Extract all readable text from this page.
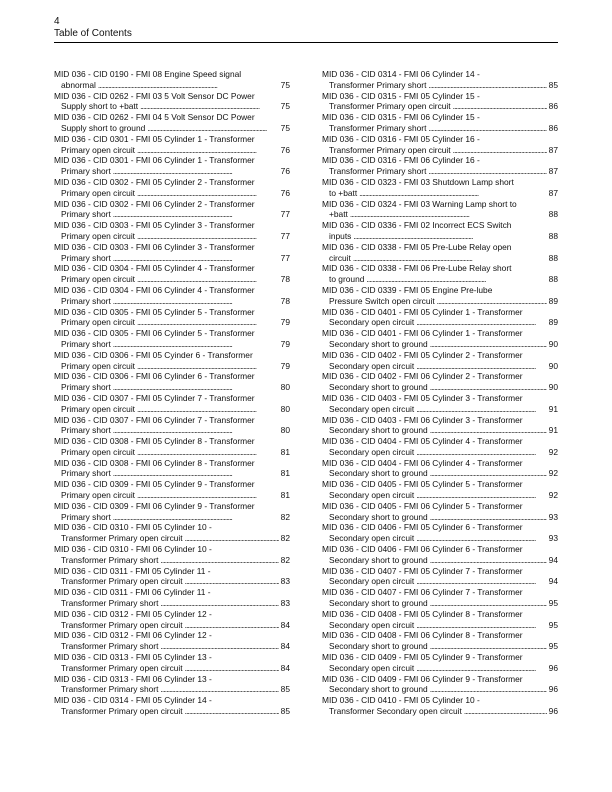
4
Table of Contents
MID 036 - CID 0190 - FMI 08 Engine Speed signal
abnormal . . .	75
MID 036 - CID 0262 - FMI 03 5 Volt Sensor DC Power
Supply short to +batt . . .	75
MID 036 - CID 0262 - FMI 04 5 Volt Sensor DC Power
Supply short to ground . . .	75
MID 036 - CID 0301 - FMI 05 Cylinder 1 - Transformer
Primary open circuit . . .	76
MID 036 - CID 0301 - FMI 06 Cylinder 1 - Transformer
Primary short . . .	76
MID 036 - CID 0302 - FMI 05 Cylinder 2 - Transformer
Primary open circuit . . .	76
MID 036 - CID 0302 - FMI 06 Cylinder 2 - Transformer
Primary short . . .	77
MID 036 - CID 0303 - FMI 05 Cylinder 3 - Transformer
Primary open circuit . . .	77
MID 036 - CID 0303 - FMI 06 Cylinder 3 - Transformer
Primary short . . .	77
MID 036 - CID 0304 - FMI 05 Cylinder 4 - Transformer
Primary open circuit . . .	78
MID 036 - CID 0304 - FMI 06 Cylinder 4 - Transformer
Primary short . . .	78
MID 036 - CID 0305 - FMI 05 Cylinder 5 - Transformer
Primary open circuit . . .	79
MID 036 - CID 0305 - FMI 06 Cylinder 5 - Transformer
Primary short . . .	79
MID 036 - CID 0306 - FMI 05 Cyinder 6 - Transformer
Primary open circuit . . .	79
MID 036 - CID 0306 - FMI 06 Cylinder 6 - Transformer
Primary short . . .	80
MID 036 - CID 0307 - FMI 05 Cylinder 7 - Transformer
Primary open circuit . . .	80
MID 036 - CID 0307 - FMI 06 Cylinder 7 - Transformer
Primary short . . .	80
MID 036 - CID 0308 - FMI 05 Cylinder 8 - Transformer
Primary open circuit . . .	81
MID 036 - CID 0308 - FMI 06 Cylinder 8 - Transformer
Primary short . . .	81
MID 036 - CID 0309 - FMI 05 Cylinder 9 - Transformer
Primary open circuit . . .	81
MID 036 - CID 0309 - FMI 06 Cylinder 9 - Transformer
Primary short . . .	82
MID 036 - CID 0310 - FMI 05 Cylinder 10 -
Transformer Primary open circuit . . .	82
MID 036 - CID 0310 - FMI 06 Cylinder 10 -
Transformer Primary short . . .	82
MID 036 - CID 0311 - FMI 05 Cylinder 11 -
Transformer Primary open circuit . . .	83
MID 036 - CID 0311 - FMI 06 Cylinder 11 -
Transformer Primary short . . .	83
MID 036 - CID 0312 - FMI 05 Cylinder 12 -
Transformer Primary open circuit . . .	84
MID 036 - CID 0312 - FMI 06 Cylinder 12 -
Transformer Primary short . . .	84
MID 036 - CID 0313 - FMI 05 Cylinder 13 -
Transformer Primary open circuit . . .	84
MID 036 - CID 0313 - FMI 06 Cylinder 13 -
Transformer Primary short . . .	85
MID 036 - CID 0314 - FMI 05 Cylinder 14 -
Transformer Primary open circuit . . .	85
MID 036 - CID 0314 - FMI 06 Cylinder 14 -
Transformer Primary short . . .	85
MID 036 - CID 0315 - FMI 05 Cylinder 15 -
Transformer Primary open circuit . . .	86
MID 036 - CID 0315 - FMI 06 Cylinder 15 -
Transformer Primary short . . .	86
MID 036 - CID 0316 - FMI 05 Cylinder 16 -
Transformer Primary open circuit . . .	87
MID 036 - CID 0316 - FMI 06 Cylinder 16 -
Transformer Primary short . . .	87
MID 036 - CID 0323 - FMI 03 Shutdown Lamp short
to +batt . . .	87
MID 036 - CID 0324 - FMI 03 Warning Lamp short to
+batt . . .	88
MID 036 - CID 0336 - FMI 02 Incorrect ECS Switch
inputs . . .	88
MID 036 - CID 0338 - FMI 05 Pre-Lube Relay open
circuit . . .	88
MID 036 - CID 0338 - FMI 06 Pre-Lube Relay short
to ground . . .	88
MID 036 - CID 0339 - FMI 05 Engine Pre-lube
Pressure Switch open circuit . . .	89
MID 036 - CID 0401 - FMI 05 Cylinder 1 - Transformer
Secondary open circuit . . .	89
MID 036 - CID 0401 - FMI 06 Cylinder 1 - Transformer
Secondary short to ground . . .	90
MID 036 - CID 0402 - FMI 05 Cylinder 2 - Transformer
Secondary open circuit . . .	90
MID 036 - CID 0402 - FMI 06 Cylinder 2 - Transformer
Secondary short to ground . . .	90
MID 036 - CID 0403 - FMI 05 Cylinder 3 - Transformer
Secondary open circuit . . .	91
MID 036 - CID 0403 - FMI 06 Cylinder 3 - Transformer
Secondary short to ground . . .	91
MID 036 - CID 0404 - FMI 05 Cylinder 4 - Transformer
Secondary open circuit . . .	92
MID 036 - CID 0404 - FMI 06 Cylinder 4 - Transformer
Secondary short to ground . . .	92
MID 036 - CID 0405 - FMI 05 Cylinder 5 - Transformer
Secondary open circuit . . .	92
MID 036 - CID 0405 - FMI 06 Cylinder 5 - Transformer
Secondary short to ground . . .	93
MID 036 - CID 0406 - FMI 05 Cylinder 6 - Transformer
Secondary open circuit . . .	93
MID 036 - CID 0406 - FMI 06 Cylinder 6 - Transformer
Secondary short to ground . . .	94
MID 036 - CID 0407 - FMI 05 Cylinder 7 - Transformer
Secondary open circuit . . .	94
MID 036 - CID 0407 - FMI 06 Cylinder 7 - Transformer
Secondary short to ground . . .	95
MID 036 - CID 0408 - FMI 05 Cylinder 8 - Transformer
Secondary open circuit . . .	95
MID 036 - CID 0408 - FMI 06 Cylinder 8 - Transformer
Secondary short to ground . . .	95
MID 036 - CID 0409 - FMI 05 Cylinder 9 - Transformer
Secondary open circuit . . .	96
MID 036 - CID 0409 - FMI 06 Cylinder 9 - Transformer
Secondary short to ground . . .	96
MID 036 - CID 0410 - FMI 05 Cylinder 10 -
Transformer Secondary open circuit . . .	96
